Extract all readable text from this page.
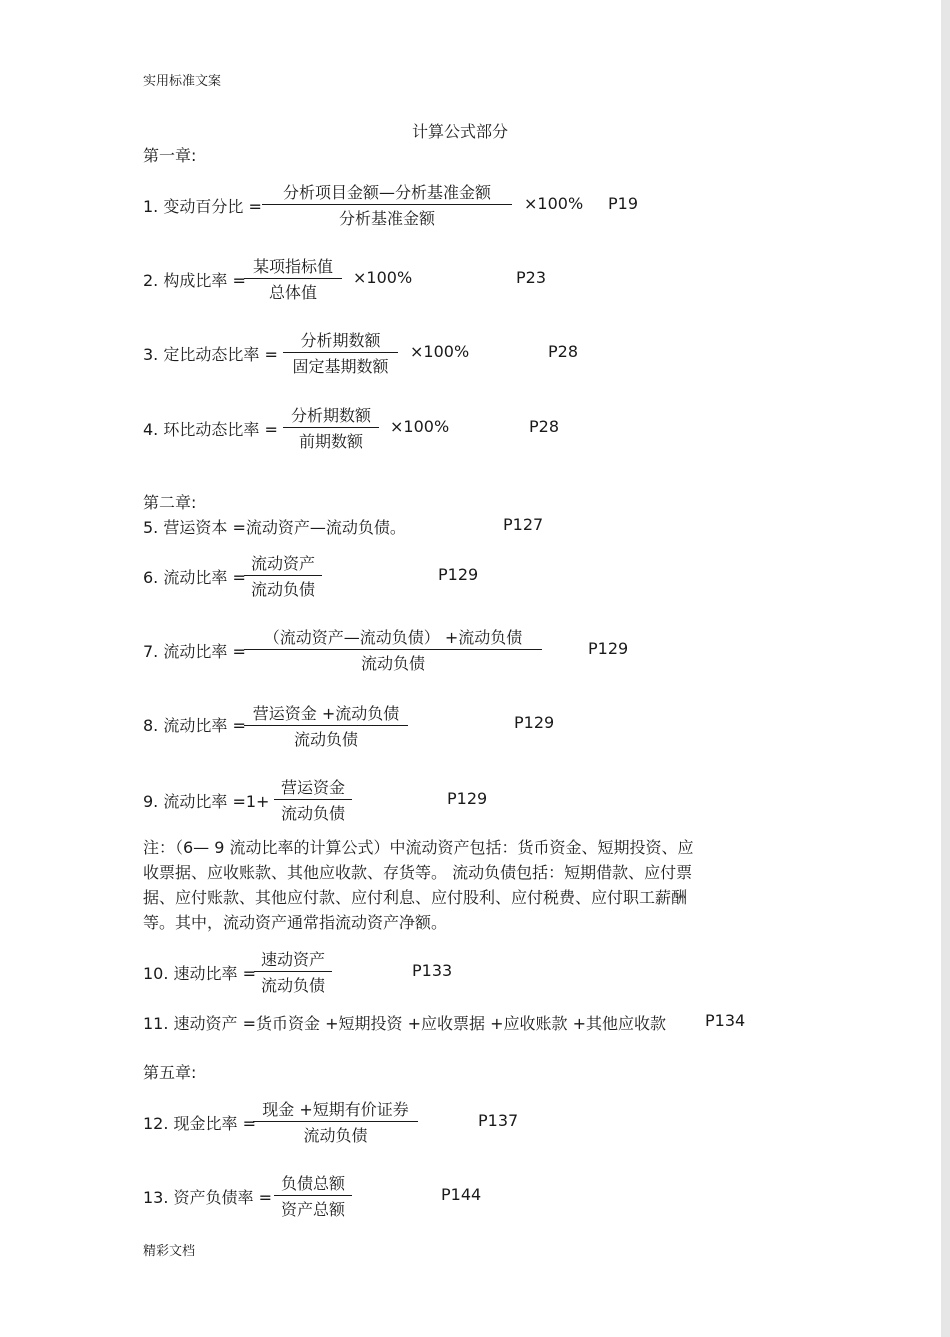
实用标准文案
计算公式部分
第一章:
1. 变动百分比 =
分析项目金额—分析基准金额
分析基准金额
×100% P19
2. 构成比率 =
某项指标值
总体值
×100%	P23
3. 定比动态比率 =
分析期数额
固定基期数额
×100%	P28
4. 环比动态比率 =
分析期数额
前期数额
×100%	P28
第二章:
5. 营运资本 =流动资产—流动负债。	P127
6. 流动比率 =
流动资产
流动负债
P129
7. 流动比率 =
（流动资产—流动负债） +流动负债
流动负债
P129
8. 流动比率 =
营运资金 +流动负债
流动负债
P129
9. 流动比率 =1+
营运资金
流动负债
P129
注：（6— 9 流动比率的计算公式）中流动资产包括：货币资金、短期投资、应
收票据、应收账款、其他应收款、存货等。 流动负债包括：短期借款、应付票
据、应付账款、其他应付款、应付利息、应付股利、应付税费、应付职工薪酬
等。其中，流动资产通常指流动资产净额。
10. 速动比率 =
速动资产
流动负债
P133
11. 速动资产 =货币资金 +短期投资 +应收票据 +应收账款 +其他应收款 P134
第五章:
12. 现金比率 =
现金 +短期有价证券
流动负债
P137
13. 资产负债率 =
负债总额
资产总额
P144
精彩文档
